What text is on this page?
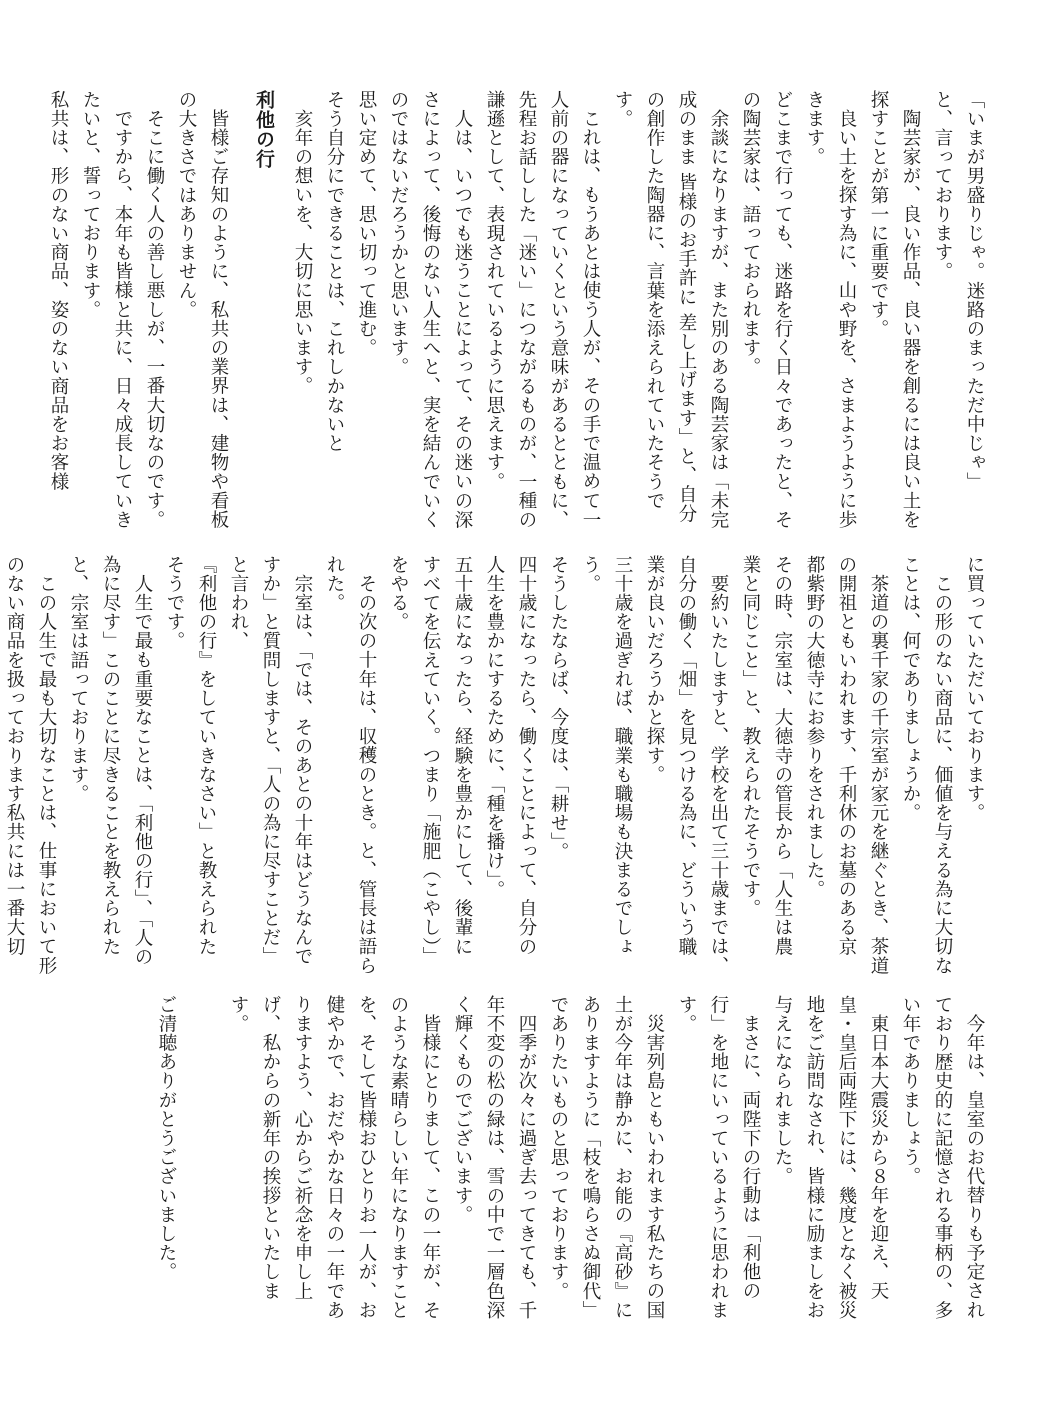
「いまが男盛りじゃ。迷路のまっただ中じゃ」

と、言っております。

陶芸家が、良い作品、良い器を創るには良い土を探すことが第一に重要です。

良い土を探す為に、山や野を、さまようように歩きます。

どこまで行っても、迷路を行く日々であったと、その陶芸家は、語っておられます。

余談になりますが、また別のある陶芸家は「未完成のまま 皆様のお手許に 差し上げます」と、自分の創作した陶器に、言葉を添えられていたそうです。

これは、もうあとは使う人が、その手で温めて一人前の器になっていくという意味があるとともに、先程お話しした「迷い」につながるものが、一種の謙遜として、表現されているように思えます。

人は、いつでも迷うことによって、その迷いの深さによって、後悔のない人生へと、実を結んでいくのではないだろうかと思います。

思い定めて、思い切って進む。

そう自分にできることは、これしかないと

亥年の想いを、大切に思います。

利他の行

皆様ご存知のように、私共の業界は、建物や看板の大きさではありません。

そこに働く人の善し悪しが、一番大切なのです。

ですから、本年も皆様と共に、日々成長していきたいと、誓っております。

私共は、形のない商品、姿のない商品をお客様

に買っていただいております。

この形のない商品に、価値を与える為に大切なことは、何でありましょうか。

茶道の裏千家の千宗室が家元を継ぐとき、茶道の開祖ともいわれます、千利休のお墓のある京都紫野の大徳寺にお参りをされました。

その時、宗室は、大徳寺の管長から「人生は農業と同じこと」と、教えられたそうです。

要約いたしますと、学校を出て三十歳までは、自分の働く「畑」を見つける為に、どういう職業が良いだろうかと探す。

三十歳を過ぎれば、職業も職場も決まるでしょう。

そうしたならば、今度は、「耕せ」。

四十歳になったら、働くことによって、自分の人生を豊かにするために、「種を播け」。

五十歳になったら、経験を豊かにして、後輩にすべてを伝えていく。つまり「施肥（こやし）」をやる。

その次の十年は、収穫のとき。と、管長は語られた。

宗室は、「では、そのあとの十年はどうなんですか」と質問しますと、「人の為に尽すことだ」と言われ、

『利他の行』をしていきなさい」と教えられたそうです。

人生で最も重要なことは、「利他の行」、「人の為に尽す」このことに尽きることを教えられたと、宗室は語っております。

この人生で最も大切なことは、仕事において形のない商品を扱っております私共には一番大切

今年は、皇室のお代替りも予定されており歴史的に記憶される事柄の、多い年でありましょう。

東日本大震災から８年を迎え、天皇・皇后両陛下には、幾度となく被災地をご訪問なされ、皆様に励ましをお与えになられました。

まさに、両陛下の行動は「利他の行」を地にいっているように思われます。

災害列島ともいわれます私たちの国土が今年は静かに、お能の『高砂』にありますように「枝を鳴らさぬ御代」でありたいものと思っております。

四季が次々に過ぎ去ってきても、千年不変の松の緑は、雪の中で一層色深く輝くものでございます。

皆様にとりまして、この一年が、そのような素晴らしい年になりますことを、そして皆様おひとりお一人が、お健やかで、おだやかな日々の一年でありますよう、心からご祈念を申し上げ、私からの新年の挨拶といたします。

ご清聴ありがとうございました。
